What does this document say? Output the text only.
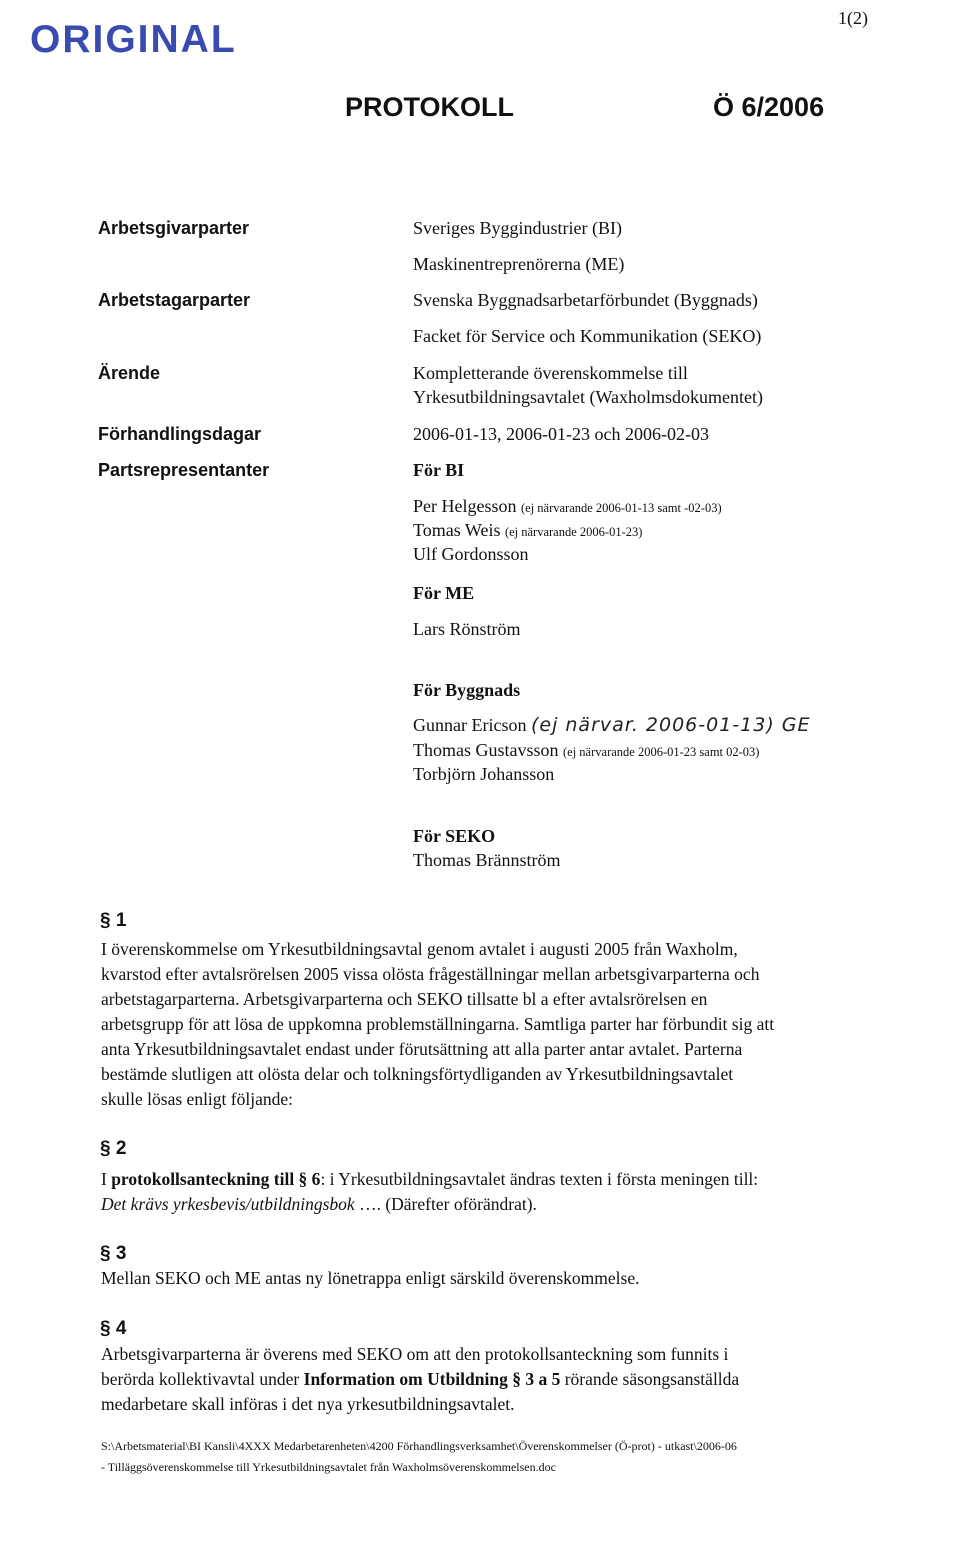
ORIGINAL	1(2)
PROTOKOLL	Ö 6/2006
Arbetsgivarparter	Sveriges Byggindustrier (BI)
Maskinentreprenörerna (ME)
Arbetstagarparter	Svenska Byggnadsarbetarförbundet (Byggnads)
Facket för Service och Kommunikation (SEKO)
Ärende	Kompletterande överenskommelse till
Yrkesutbildningsavtalet (Waxholmsdokumentet)
Förhandlingsdagar	2006-01-13, 2006-01-23 och 2006-02-03
Partsrepresentanter	För BI
Per Helgesson (ej närvarande 2006-01-13 samt -02-03)
Tomas Weis (ej närvarande 2006-01-23)
Ulf Gordonsson
För ME
Lars Rönström
För Byggnads
Gunnar Ericson (ej närvar. 2006-01-13) GE
Thomas Gustavsson (ej närvarande 2006-01-23 samt 02-03)
Torbjörn Johansson
För SEKO
Thomas Brännström
§ 1
I överenskommelse om Yrkesutbildningsavtal genom avtalet i augusti 2005 från Waxholm,
kvarstod efter avtalsrörelsen 2005 vissa olösta frågeställningar mellan arbetsgivarparterna och
arbetstagarparterna. Arbetsgivarparterna och SEKO tillsatte bl a efter avtalsrörelsen en
arbetsgrupp för att lösa de uppkomna problemställningarna. Samtliga parter har förbundit sig att
anta Yrkesutbildningsavtalet endast under förutsättning att alla parter antar avtalet. Parterna
bestämde slutligen att olösta delar och tolkningsförtydliganden av Yrkesutbildningsavtalet
skulle lösas enligt följande:
§ 2
I protokollsanteckning till § 6: i Yrkesutbildningsavtalet ändras texten i första meningen till:
Det krävs yrkesbevis/utbildningsbok …. (Därefter oförändrat).
§ 3
Mellan SEKO och ME antas ny lönetrappa enligt särskild överenskommelse.
§ 4
Arbetsgivarparterna är överens med SEKO om att den protokollsanteckning som funnits i
berörda kollektivavtal under Information om Utbildning § 3 a 5 rörande säsongsanställda
medarbetare skall införas i det nya yrkesutbildningsavtalet.
S:\Arbetsmaterial\BI Kansli\4XXX Medarbetarenheten\4200 Förhandlingsverksamhet\Överenskommelser (Ö-prot) - utkast\2006-06
- Tilläggsöverenskommelse till Yrkesutbildningsavtalet från Waxholmsöverenskommelsen.doc
